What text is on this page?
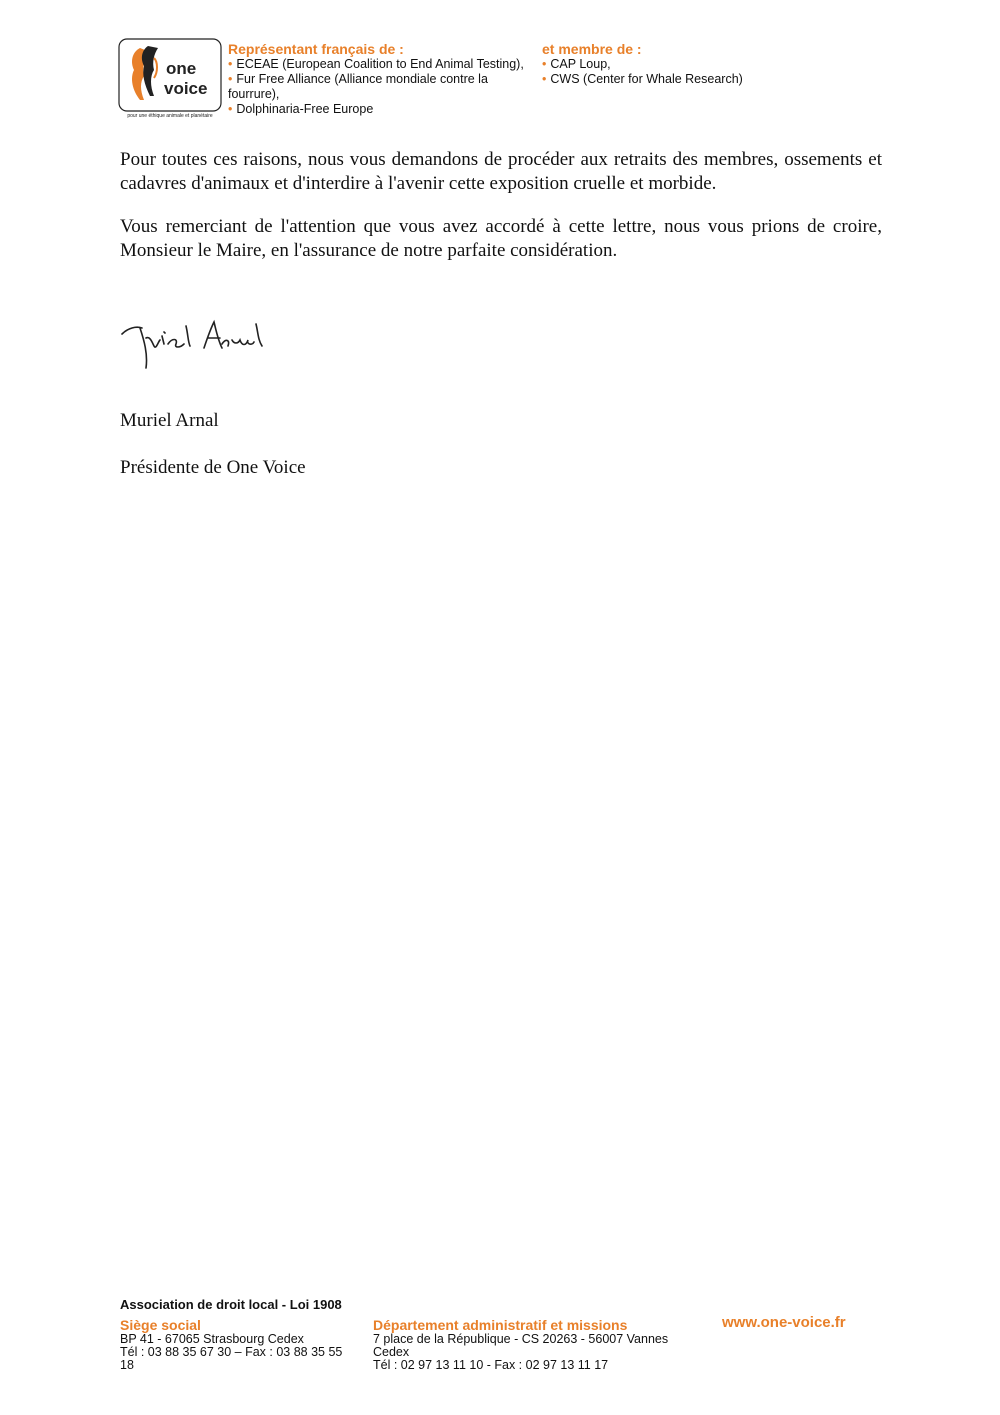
one
voice
pour une éthique animale et planétaire
Représentant français de :
• ECEAE (European Coalition to End Animal Testing),
• Fur Free Alliance (Alliance mondiale contre la fourrure),
• Dolphinaria-Free Europe
et membre de :
• CAP Loup,
• CWS (Center for Whale Research)

Pour toutes ces raisons, nous vous demandons de procéder aux retraits des membres, ossements et cadavres d'animaux et d'interdire à l'avenir cette exposition cruelle et morbide.

Vous remerciant de l'attention que vous avez accordé à cette lettre, nous vous prions de croire, Monsieur le Maire, en l'assurance de notre parfaite considération.

Muriel Arnal
Présidente de One Voice
Association de droit local - Loi 1908
Siège social
BP 41 - 67065 Strasbourg Cedex
Tél : 03 88 35 67 30 – Fax : 03 88 35 55
18
Département administratif et missions
7 place de la République - CS 20263 - 56007 Vannes
Cedex
Tél : 02 97 13 11 10 - Fax : 02 97 13 11 17
www.one-voice.fr
